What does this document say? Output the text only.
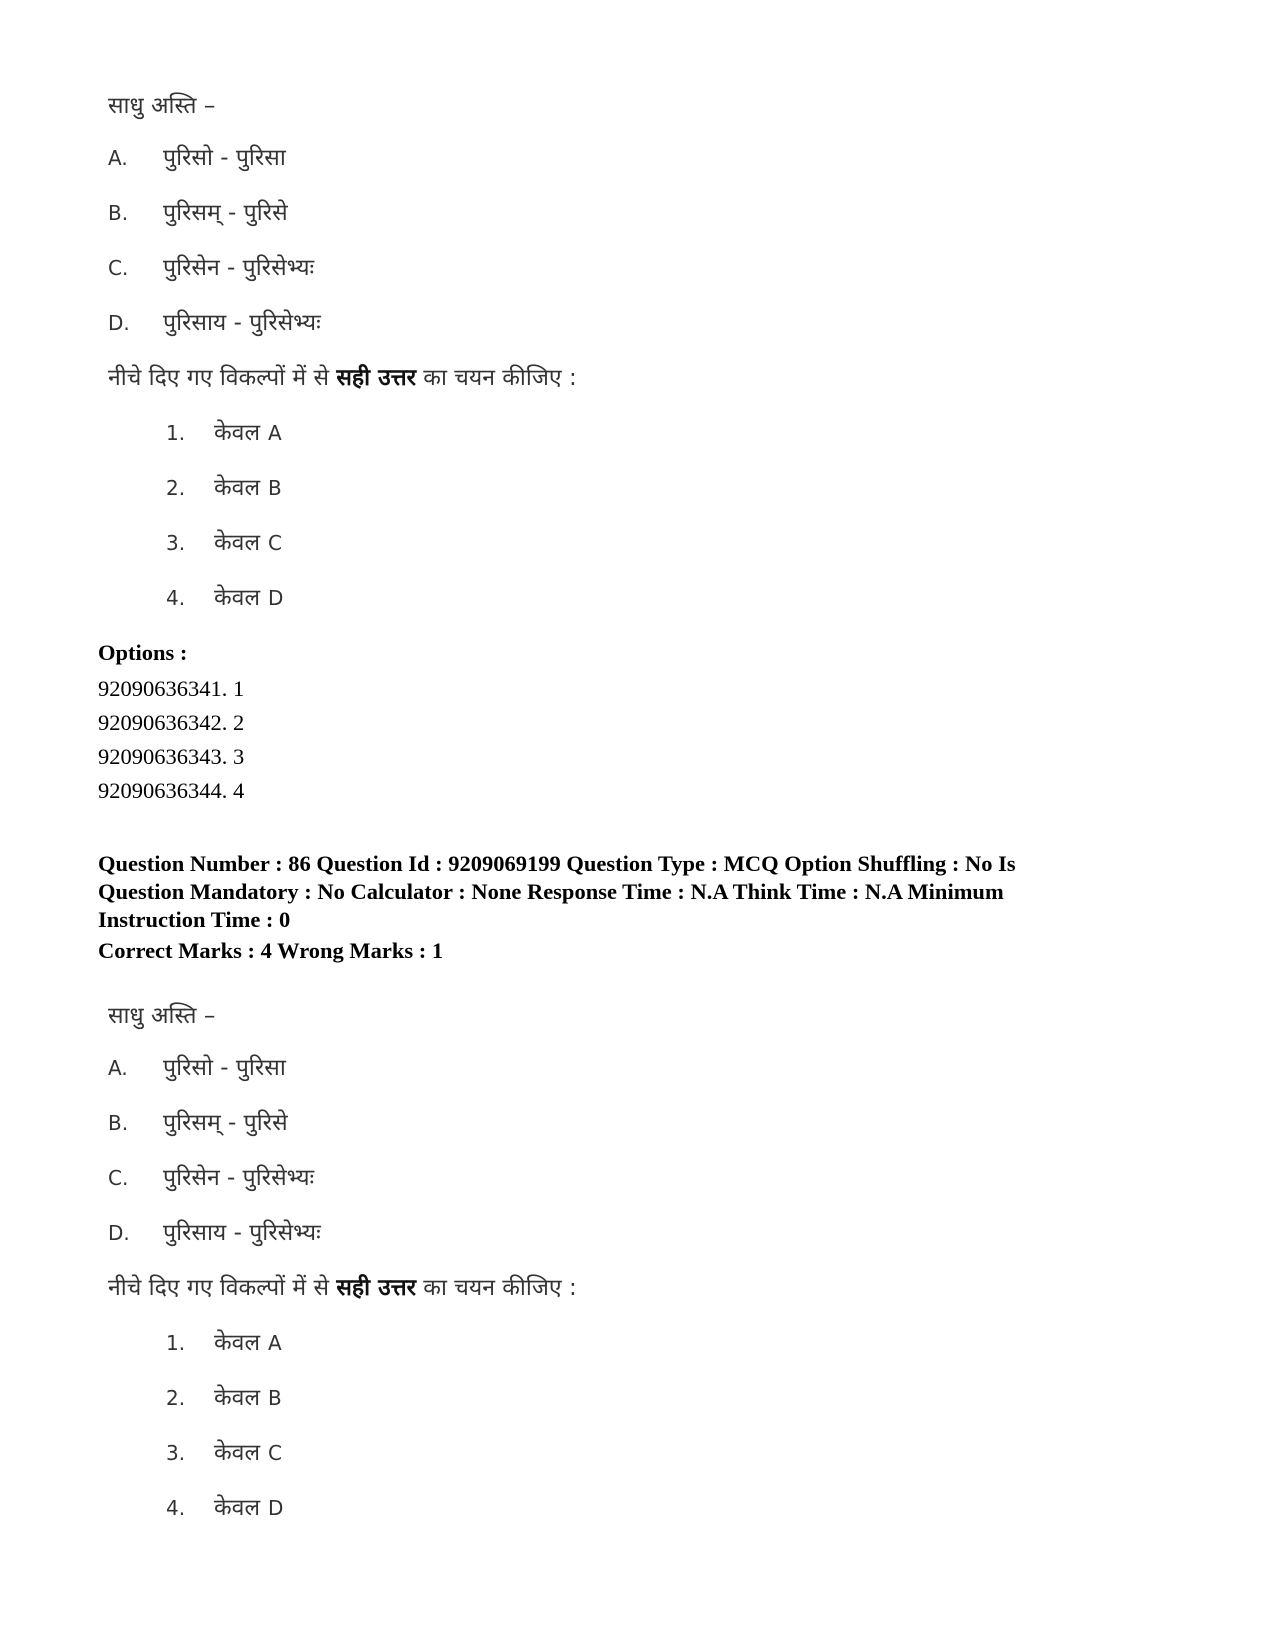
साधु अस्ति –
A. पुरिसो - पुरिसा
B. पुरिसम् - पुरिसे
C. पुरिसेन - पुरिसेभ्यः
D. पुरिसाय - पुरिसेभ्यः
नीचे दिए गए विकल्पों में से सही उत्तर का चयन कीजिए :
1. केवल A
2. केवल B
3. केवल C
4. केवल D
Options :
92090636341. 1
92090636342. 2
92090636343. 3
92090636344. 4
Question Number : 86 Question Id : 9209069199 Question Type : MCQ Option Shuffling : No Is
Question Mandatory : No Calculator : None Response Time : N.A Think Time : N.A Minimum
Instruction Time : 0
Correct Marks : 4 Wrong Marks : 1
साधु अस्ति –
A. पुरिसो - पुरिसा
B. पुरिसम् - पुरिसे
C. पुरिसेन - पुरिसेभ्यः
D. पुरिसाय - पुरिसेभ्यः
नीचे दिए गए विकल्पों में से सही उत्तर का चयन कीजिए :
1. केवल A
2. केवल B
3. केवल C
4. केवल D
